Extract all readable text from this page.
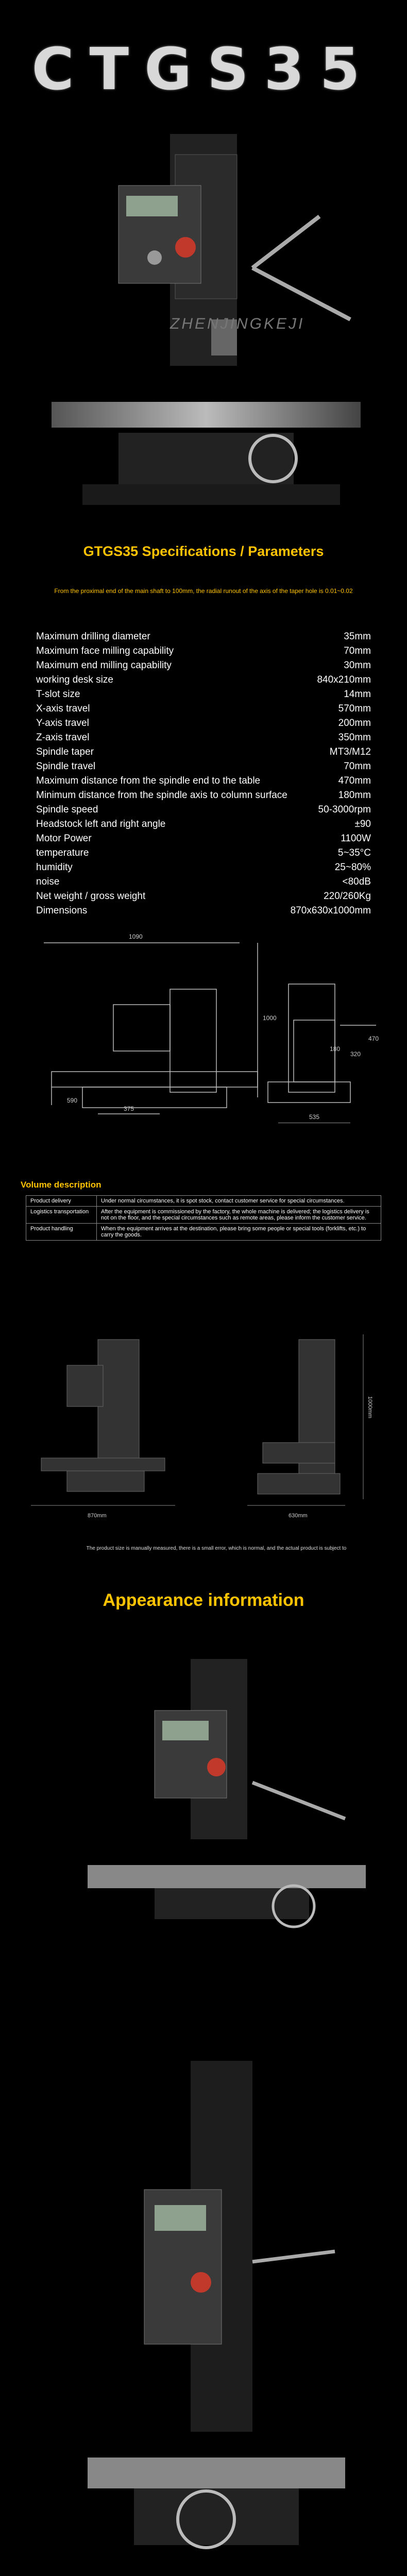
CTGS35
ZHENJINGKEJI
GTGS35 Specifications / Parameters
From the proximal end of the main shaft to 100mm, the radial runout of the axis of the taper hole is 0.01~0.02
Maximum drilling diameter	35mm
Maximum face milling capability	70mm
Maximum end milling capability	30mm
working desk size	840x210mm
T-slot size	14mm
X-axis travel	570mm
Y-axis travel	200mm
Z-axis travel	350mm
Spindle taper	MT3/M12
Spindle travel	70mm
Maximum distance from the spindle end to the table	470mm
Minimum distance from the spindle axis to column surface	180mm
Spindle speed	50-3000rpm
Headstock left and right angle	±90
Motor Power	1100W
temperature	5~35°C
humidity	25~80%
noise	<80dB
Net weight / gross weight	220/260Kg
Dimensions	870x630x1000mm
1090
1000
590
375
180
320
470
535
Volume description
Product delivery	Under normal circumstances, it is spot stock, contact customer service for special circumstances.
Logistics transportation	After the equipment is commissioned by the factory, the whole machine is delivered; the logistics delivery is not on the floor, and the special circumstances such as remote areas, please inform the customer service.
Product handling	When the equipment arrives at the destination, please bring some people or special tools (forklifts, etc.) to carry the goods.
870mm	630mm
1000mm
The product size is manually measured, there is a small error, which is normal, and the actual product is subject to
Appearance information
